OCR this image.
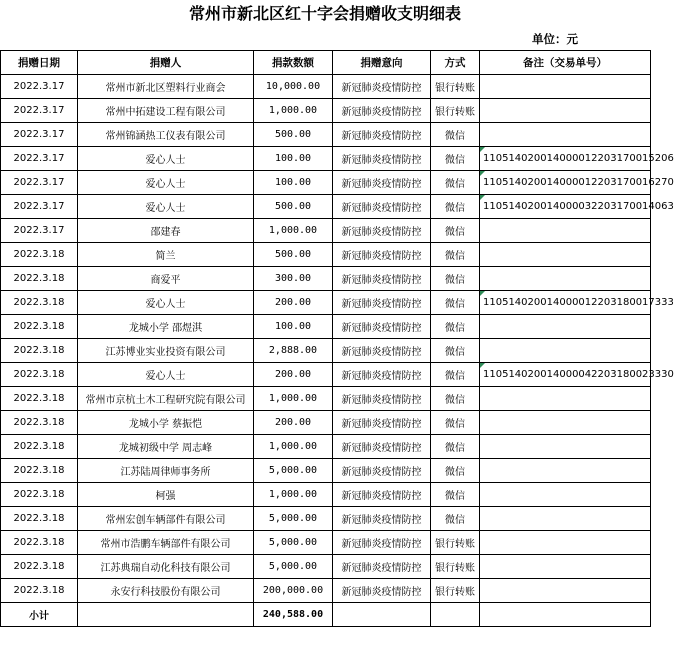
常州市新北区红十字会捐赠收支明细表
单位：元
捐赠日期	捐赠人	捐款数额	捐赠意向	方式	备注（交易单号）
2022.3.17	常州市新北区塑料行业商会	10,000.00	新冠肺炎疫情防控	银行转账	
2022.3.17	常州中拓建设工程有限公司	1,000.00	新冠肺炎疫情防控	银行转账	
2022.3.17	常州锦涵热工仪表有限公司	500.00	新冠肺炎疫情防控	微信	
2022.3.17	爱心人士	100.00	新冠肺炎疫情防控	微信	110514020014000012203170015206
2022.3.17	爱心人士	100.00	新冠肺炎疫情防控	微信	110514020014000012203170016270
2022.3.17	爱心人士	500.00	新冠肺炎疫情防控	微信	110514020014000032203170014063
2022.3.17	邵建春	1,000.00	新冠肺炎疫情防控	微信	
2022.3.18	简兰	500.00	新冠肺炎疫情防控	微信	
2022.3.18	商爱平	300.00	新冠肺炎疫情防控	微信	
2022.3.18	爱心人士	200.00	新冠肺炎疫情防控	微信	110514020014000012203180017333
2022.3.18	龙城小学 邵煜淇	100.00	新冠肺炎疫情防控	微信	
2022.3.18	江苏博业实业投资有限公司	2,888.00	新冠肺炎疫情防控	微信	
2022.3.18	爱心人士	200.00	新冠肺炎疫情防控	微信	110514020014000042203180023330
2022.3.18	常州市京杭土木工程研究院有限公司	1,000.00	新冠肺炎疫情防控	微信	
2022.3.18	龙城小学 蔡振恺	200.00	新冠肺炎疫情防控	微信	
2022.3.18	龙城初级中学 周志峰	1,000.00	新冠肺炎疫情防控	微信	
2022.3.18	江苏陆周律师事务所	5,000.00	新冠肺炎疫情防控	微信	
2022.3.18	柯强	1,000.00	新冠肺炎疫情防控	微信	
2022.3.18	常州宏创车辆部件有限公司	5,000.00	新冠肺炎疫情防控	微信	
2022.3.18	常州市浩鹏车辆部件有限公司	5,000.00	新冠肺炎疫情防控	银行转账	
2022.3.18	江苏典瑞自动化科技有限公司	5,000.00	新冠肺炎疫情防控	银行转账	
2022.3.18	永安行科技股份有限公司	200,000.00	新冠肺炎疫情防控	银行转账	
小计		240,588.00			
